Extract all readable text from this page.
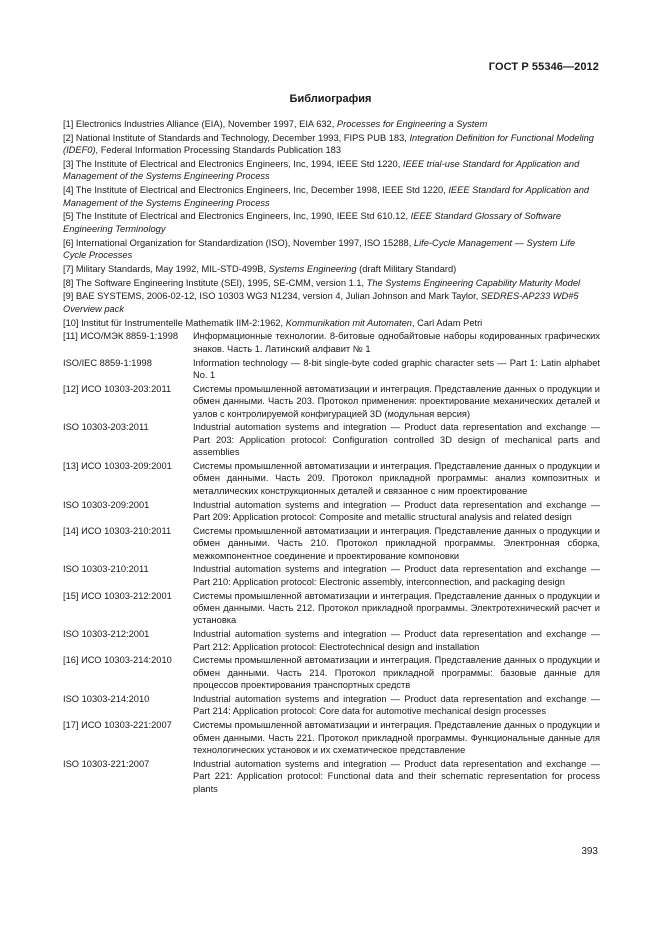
ГОСТ Р 55346—2012
Библиография
[1] Electronics Industries Alliance (EIA), November 1997, EIA 632, Processes for Engineering a System
[2] National Institute of Standards and Technology, December 1993, FIPS PUB 183, Integration Definition for Functional Modeling (IDEF0), Federal Information Processing Standards Publication 183
[3] The Institute of Electrical and Electronics Engineers, Inc, 1994, IEEE Std 1220, IEEE trial-use Standard for Application and Management of the Systems Engineering Process
[4] The Institute of Electrical and Electronics Engineers, Inc, December 1998, IEEE Std 1220, IEEE Standard for Application and Management of the Systems Engineering Process
[5] The Institute of Electrical and Electronics Engineers, Inc, 1990, IEEE Std 610.12, IEEE Standard Glossary of Software Engineering Terminology
[6] International Organization for Standardization (ISO), November 1997, ISO 15288, Life-Cycle Management — System Life Cycle Processes
[7] Military Standards, May 1992, MIL-STD-499B, Systems Engineering (draft Military Standard)
[8] The Software Engineering Institute (SEI), 1995, SE-CMM, version 1.1, The Systems Engineering Capability Maturity Model
[9] BAE SYSTEMS, 2006-02-12, ISO 10303 WG3 N1234, version 4, Julian Johnson and Mark Taylor, SEDRES-AP233 WD#5 Overview pack
[10] Institut für Instrumentelle Mathematik IIM-2:1962, Kommunikation mit Automaten, Carl Adam Petri
[11] ИСО/МЭК 8859-1:1998	Информационные технологии. 8-битовые однобайтовые наборы кодированных графических знаков. Часть 1. Латинский алфавит № 1
ISO/IEC 8859-1:1998	Information technology — 8-bit single-byte coded graphic character sets — Part 1: Latin alphabet No. 1
[12] ИСО 10303-203:2011	Системы промышленной автоматизации и интеграция. Представление данных о продукции и обмен данными. Часть 203. Протокол применения: проектирование механических деталей и узлов с контролируемой конфигурацией 3D (модульная версия)
ISO 10303-203:2011	Industrial automation systems and integration — Product data representation and exchange — Part 203: Application protocol: Configuration controlled 3D design of mechanical parts and assemblies
[13] ИСО 10303-209:2001	Системы промышленной автоматизации и интеграция. Представление данных о продукции и обмен данными. Часть 209. Протокол прикладной программы: анализ композитных и металлических конструкционных деталей и связанное с ним проектирование
ISO 10303-209:2001	Industrial automation systems and integration — Product data representation and exchange — Part 209: Application protocol: Composite and metallic structural analysis and related design
[14] ИСО 10303-210:2011	Системы промышленной автоматизации и интеграция. Представление данных о продукции и обмен данными. Часть 210. Протокол прикладной программы. Электронная сборка, межкомпонентное соединение и проектирование компоновки
ISO 10303-210:2011	Industrial automation systems and integration — Product data representation and exchange — Part 210: Application protocol: Electronic assembly, interconnection, and packaging design
[15] ИСО 10303-212:2001	Системы промышленной автоматизации и интеграция. Представление данных о продукции и обмен данными. Часть 212. Протокол прикладной программы. Электротехнический расчет и установка
ISO 10303-212:2001	Industrial automation systems and integration — Product data representation and exchange — Part 212: Application protocol: Electrotechnical design and installation
[16] ИСО 10303-214:2010	Системы промышленной автоматизации и интеграция. Представление данных о продукции и обмен данными. Часть 214. Протокол прикладной программы: базовые данные для процессов проектирования транспортных средств
ISO 10303-214:2010	Industrial automation systems and integration — Product data representation and exchange — Part 214: Application protocol: Core data for automotive mechanical design processes
[17] ИСО 10303-221:2007	Системы промышленной автоматизации и интеграция. Представление данных о продукции и обмен данными. Часть 221. Протокол прикладной программы. Функциональные данные для технологических установок и их схематическое представление
ISO 10303-221:2007	Industrial automation systems and integration — Product data representation and exchange — Part 221: Application protocol: Functional data and their schematic representation for process plants
393
